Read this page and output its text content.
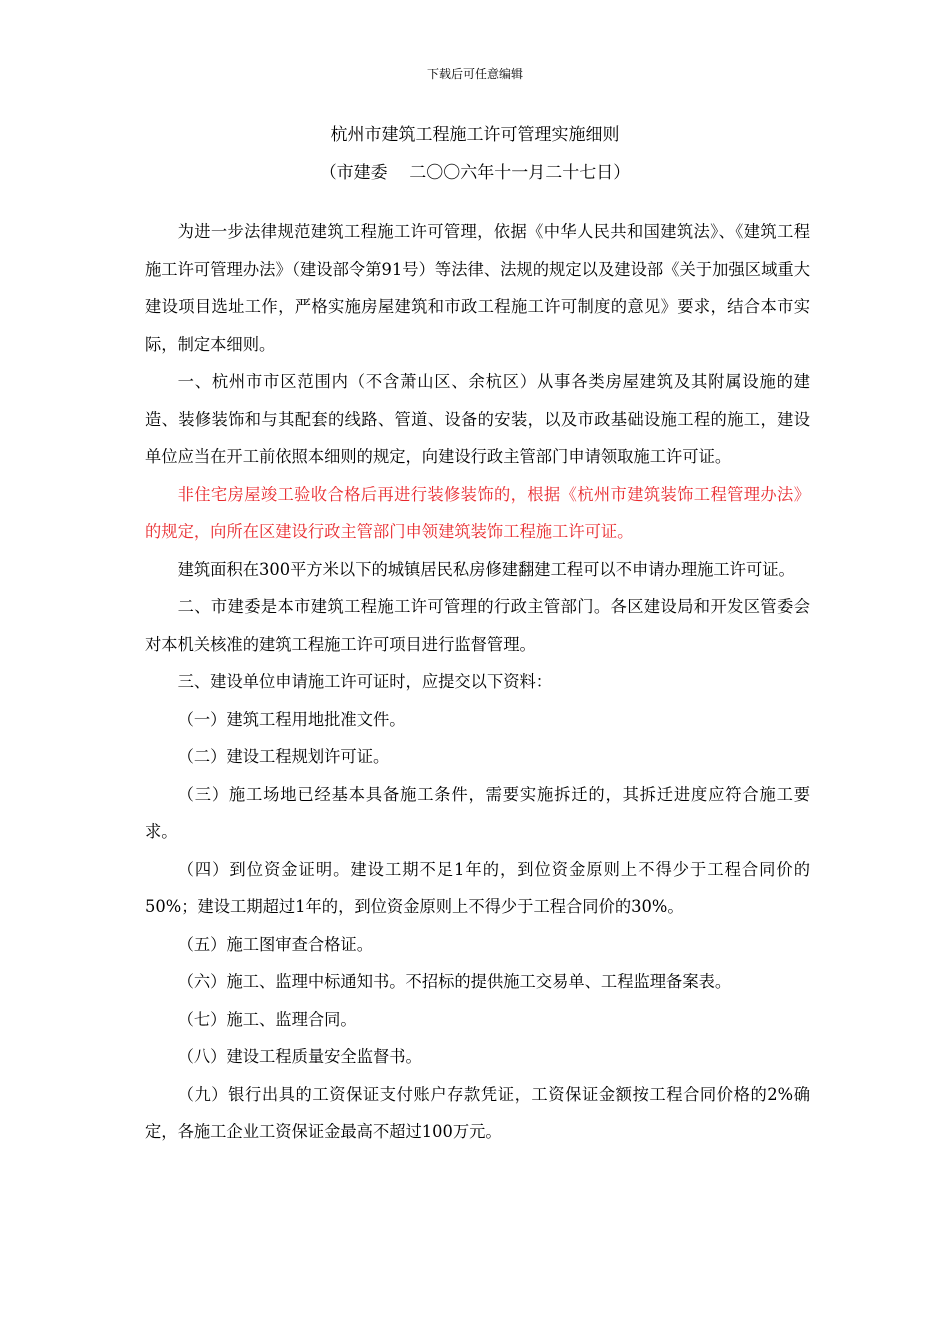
下载后可任意编辑
杭州市建筑工程施工许可管理实施细则
（市建委    二〇〇六年十一月二十七日）

为进一步法律规范建筑工程施工许可管理，依据《中华人民共和国建筑法》、《建筑工程施工许可管理办法》（建设部令第91号）等法律、法规的规定以及建设部《关于加强区域重大建设项目选址工作，严格实施房屋建筑和市政工程施工许可制度的意见》要求，结合本市实际，制定本细则。

一、杭州市市区范围内（不含萧山区、余杭区）从事各类房屋建筑及其附属设施的建造、装修装饰和与其配套的线路、管道、设备的安装，以及市政基础设施工程的施工，建设单位应当在开工前依照本细则的规定，向建设行政主管部门申请领取施工许可证。

非住宅房屋竣工验收合格后再进行装修装饰的，根据《杭州市建筑装饰工程管理办法》的规定，向所在区建设行政主管部门申领建筑装饰工程施工许可证。

建筑面积在300平方米以下的城镇居民私房修建翻建工程可以不申请办理施工许可证。

二、市建委是本市建筑工程施工许可管理的行政主管部门。各区建设局和开发区管委会对本机关核准的建筑工程施工许可项目进行监督管理。

三、建设单位申请施工许可证时，应提交以下资料：

（一）建筑工程用地批准文件。

（二）建设工程规划许可证。

（三）施工场地已经基本具备施工条件，需要实施拆迁的，其拆迁进度应符合施工要求。

（四）到位资金证明。建设工期不足1年的，到位资金原则上不得少于工程合同价的50%；建设工期超过1年的，到位资金原则上不得少于工程合同价的30%。

（五）施工图审查合格证。

（六）施工、监理中标通知书。不招标的提供施工交易单、工程监理备案表。

（七）施工、监理合同。

（八）建设工程质量安全监督书。

（九）银行出具的工资保证支付账户存款凭证，工资保证金额按工程合同价格的2%确定，各施工企业工资保证金最高不超过100万元。
